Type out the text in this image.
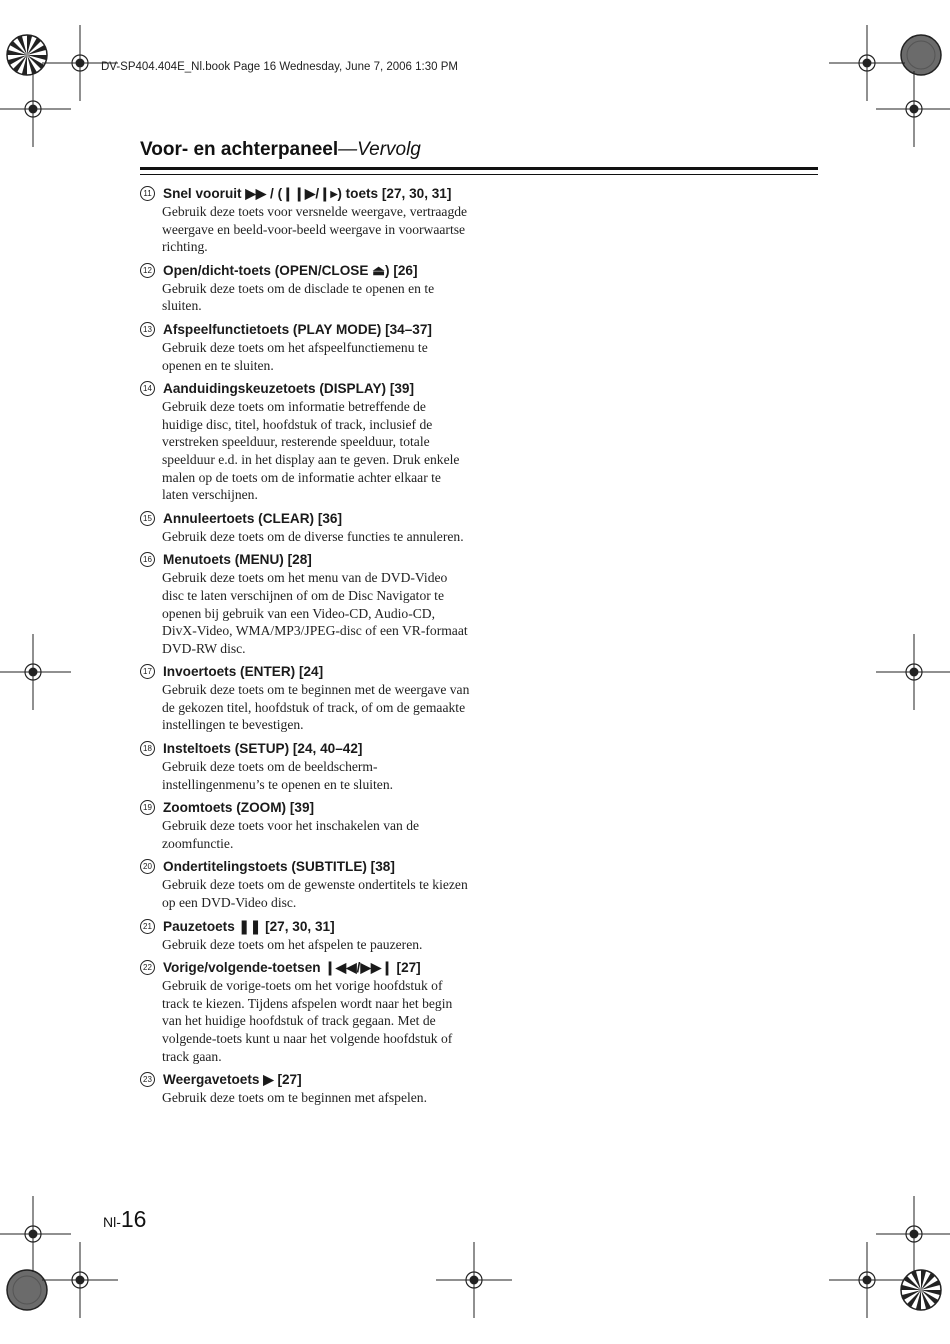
DV-SP404.404E_Nl.book Page 16 Wednesday, June 7, 2006 1:30 PM
Voor- en achterpaneel—Vervolg
11 Snel vooruit ▶▶ / (❙❙▶/❙▸) toets [27, 30, 31]
Gebruik deze toets voor versnelde weergave, vertraagde weergave en beeld-voor-beeld weergave in voorwaartse richting.
12 Open/dicht-toets (OPEN/CLOSE ⏏) [26]
Gebruik deze toets om de disclade te openen en te sluiten.
13 Afspeelfunctietoets (PLAY MODE) [34–37]
Gebruik deze toets om het afspeelfunctiemenu te openen en te sluiten.
14 Aanduidingskeuzetoets (DISPLAY) [39]
Gebruik deze toets om informatie betreffende de huidige disc, titel, hoofdstuk of track, inclusief de verstreken speelduur, resterende speelduur, totale speelduur e.d. in het display aan te geven. Druk enkele malen op de toets om de informatie achter elkaar te laten verschijnen.
15 Annuleertoets (CLEAR) [36]
Gebruik deze toets om de diverse functies te annuleren.
16 Menutoets (MENU) [28]
Gebruik deze toets om het menu van de DVD-Video disc te laten verschijnen of om de Disc Navigator te openen bij gebruik van een Video-CD, Audio-CD, DivX-Video, WMA/MP3/JPEG-disc of een VR-formaat DVD-RW disc.
17 Invoertoets (ENTER) [24]
Gebruik deze toets om te beginnen met de weergave van de gekozen titel, hoofdstuk of track, of om de gemaakte instellingen te bevestigen.
18 Insteltoets (SETUP) [24, 40–42]
Gebruik deze toets om de beeldscherm-instellingenmenu’s te openen en te sluiten.
19 Zoomtoets (ZOOM) [39]
Gebruik deze toets voor het inschakelen van de zoomfunctie.
20 Ondertitelingstoets (SUBTITLE) [38]
Gebruik deze toets om de gewenste ondertitels te kiezen op een DVD-Video disc.
21 Pauzetoets ❚❚ [27, 30, 31]
Gebruik deze toets om het afspelen te pauzeren.
22 Vorige/volgende-toetsen ❙◀◀/▶▶❙ [27]
Gebruik de vorige-toets om het vorige hoofdstuk of track te kiezen. Tijdens afspelen wordt naar het begin van het huidige hoofdstuk of track gegaan. Met de volgende-toets kunt u naar het volgende hoofdstuk of track gaan.
23 Weergavetoets ▶ [27]
Gebruik deze toets om te beginnen met afspelen.
Nl-16
